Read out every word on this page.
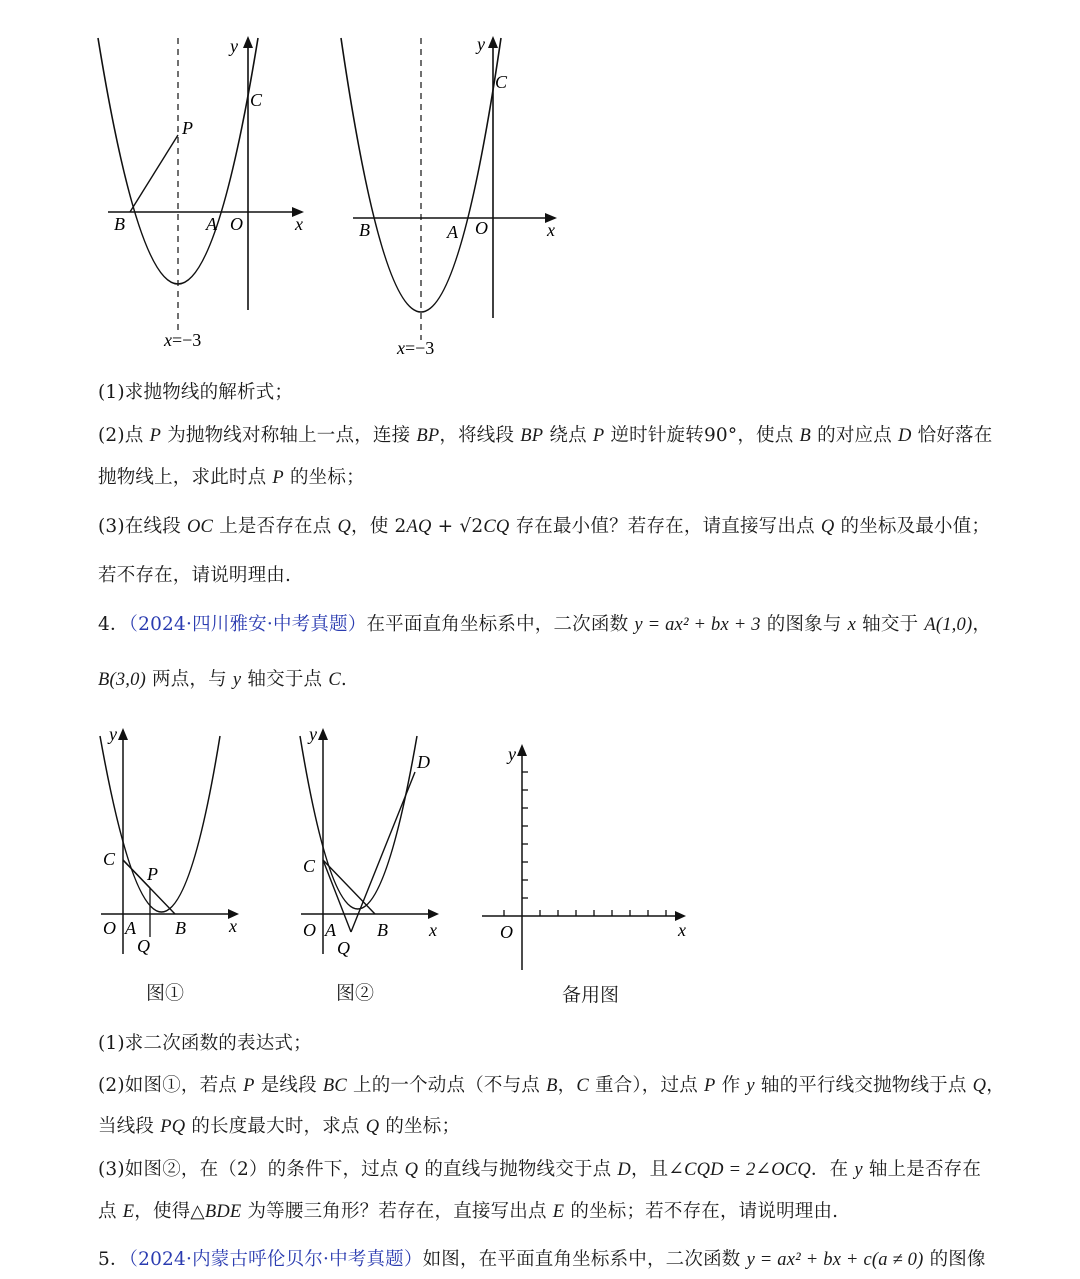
y
x
B	A O
C
P
x=−3
y
x
B	A O
C
x=−3
(1)求抛物线的解析式；
(2)点 P 为抛物线对称轴上一点，连接 BP，将线段 BP 绕点 P 逆时针旋转90°，使点 B 的对应点 D 恰好落在
抛物线上，求此时点 P 的坐标；
(3)在线段 OC 上是否存在点 Q，使 2AQ + √2CQ 存在最小值？若存在，请直接写出点 Q 的坐标及最小值；
若不存在，请说明理由.
4．（2024·四川雅安·中考真题）在平面直角坐标系中，二次函数 y = ax² + bx + 3 的图象与 x 轴交于 A(1,0)，
B(3,0) 两点，与 y 轴交于点 C.
y
x
C
P
O A
Q
B
y
x
D
C
O A
Q
B
y
x
O
图①	图②	备用图
(1)求二次函数的表达式；
(2)如图①，若点 P 是线段 BC 上的一个动点（不与点 B，C 重合），过点 P 作 y 轴的平行线交抛物线于点 Q，
当线段 PQ 的长度最大时，求点 Q 的坐标；
(3)如图②，在（2）的条件下，过点 Q 的直线与抛物线交于点 D，且∠CQD = 2∠OCQ．在 y 轴上是否存在
点 E，使得△BDE 为等腰三角形？若存在，直接写出点 E 的坐标；若不存在，请说明理由.
5．（2024·内蒙古呼伦贝尔·中考真题）如图，在平面直角坐标系中，二次函数 y = ax² + bx + c(a ≠ 0) 的图像
